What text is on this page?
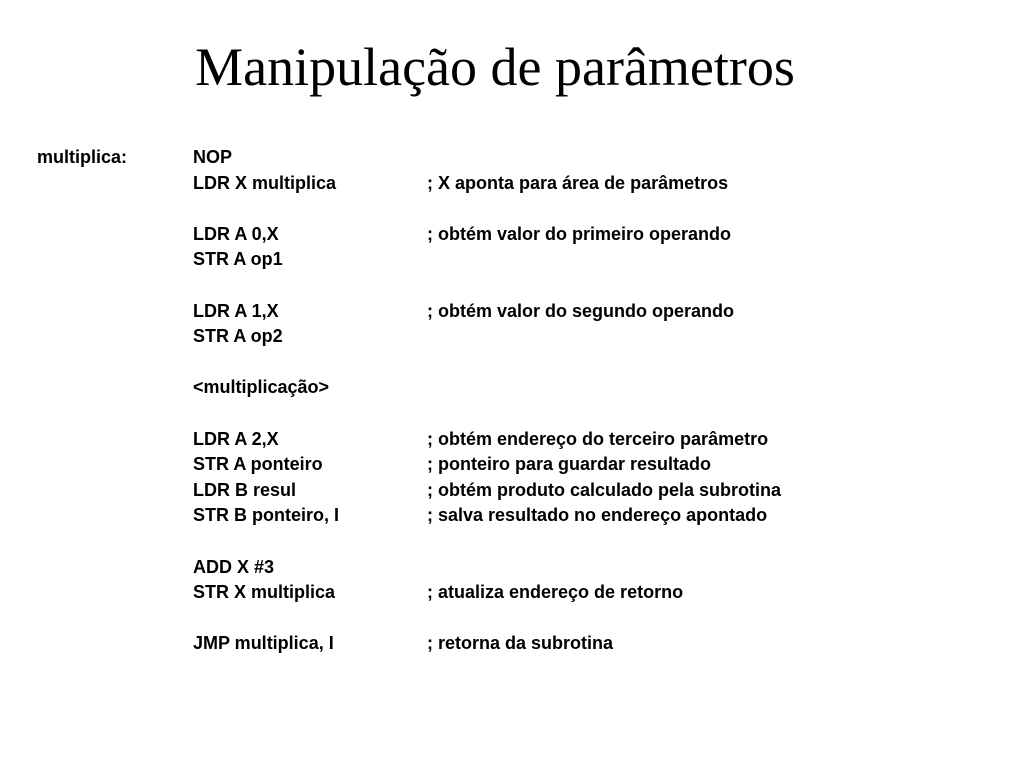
Manipulação de parâmetros
multiplica:	NOP
LDR X multiplica	; X aponta para área de parâmetros
LDR A 0,X	; obtém valor do primeiro operando
STR A op1
LDR A 1,X	; obtém valor do segundo operando
STR A op2
<multiplicação>
LDR A 2,X	; obtém endereço do terceiro parâmetro
STR A ponteiro	; ponteiro para guardar resultado
LDR B resul	; obtém produto calculado pela subrotina
STR B ponteiro, I	; salva resultado no endereço apontado
ADD X #3
STR X multiplica	; atualiza endereço de retorno
JMP multiplica, I	; retorna da subrotina
